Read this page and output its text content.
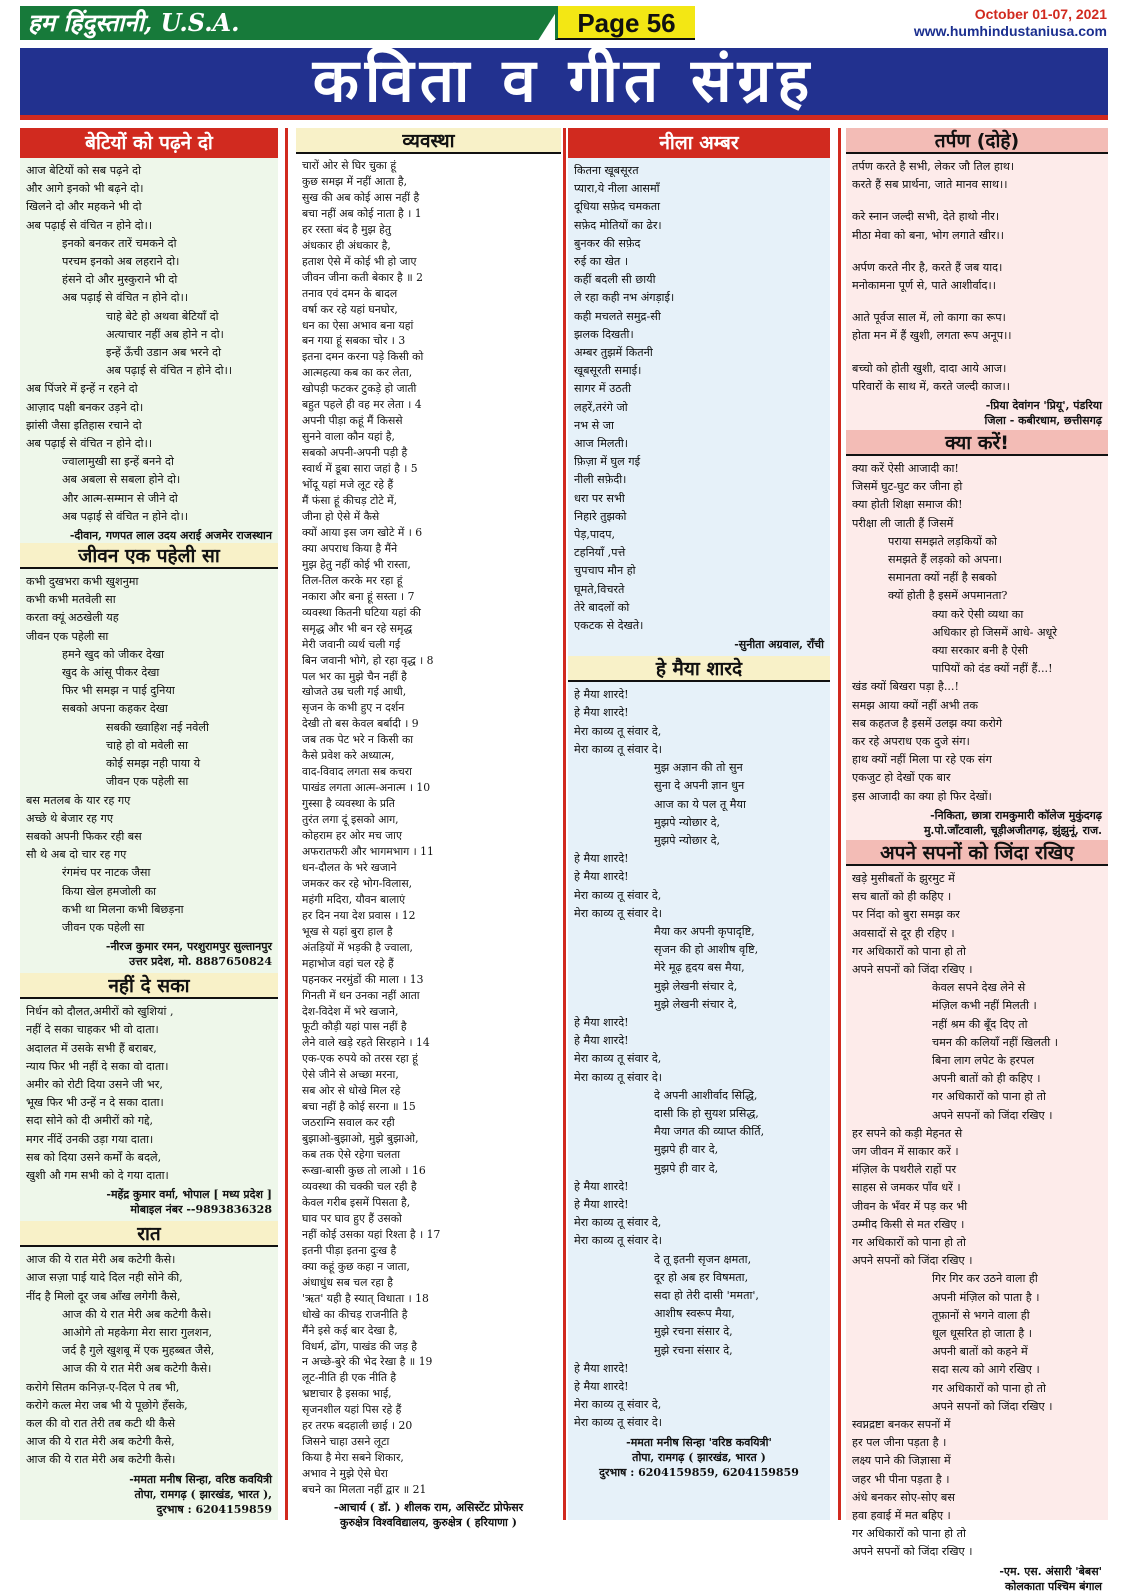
हम हिंदुस्तानी, U.S.A.	Page 56	October 01-07, 2021
www.humhindustaniusa.com
कविता व गीत संग्रह
बेटियों को पढ़ने दो
आज बेटियों को सब पढ़ने दो
और आगे इनको भी बढ़ने दो।
खिलने दो और महकने भी दो
अब पढ़ाई से वंचित न होने दो।।
इनको बनकर तारें चमकने दो
परचम इनको अब लहराने दो।
हंसने दो और मुस्कुराने भी दो
अब पढ़ाई से वंचित न होने दो।।
चाहे बेटे हो अथवा बेटियाँ दो
अत्याचार नहीं अब होने न दो।
इन्हें ऊँची उडान अब भरने दो
अब पढ़ाई से वंचित न होने दो।।
अब पिंजरे में इन्हें न रहने दो
आज़ाद पक्षी बनकर उड़ने दो।
झांसी जैसा इतिहास रचाने दो
अब पढ़ाई से वंचित न होने दो।।
ज्वालामुखी सा इन्हें बनने दो
अब अबला से सबला होने दो।
और आत्म-सम्मान से जीने दो
अब पढ़ाई से वंचित न होने दो।।
-दीवान, गणपत लाल उदय अराई अजमेर राजस्थान
जीवन एक पहेली सा
कभी दुखभरा कभी खुशनुमा
कभी कभी मतवेली सा
करता क्यूं अठखेली यह
जीवन एक पहेली सा
हमने खुद को जीकर देखा
खुद के आंसू पीकर देखा
फिर भी समझ न पाई दुनिया
सबको अपना कहकर देखा
सबकी ख्वाहिश नई नवेली
चाहे हो वो मवेली सा
कोई समझ नही पाया ये
जीवन एक पहेली सा
बस मतलब के यार रह गए
अच्छे थे बेजार रह गए
सबको अपनी फिकर रही बस
सौ थे अब दो चार रह गए
रंगमंच पर नाटक जैसा
किया खेल हमजोली का
कभी था मिलना कभी बिछड़ना
जीवन एक पहेली सा
-नीरज कुमार रमन, परशुरामपुर सुल्तानपुर
उत्तर प्रदेश, मो. 8887650824
नहीं दे सका
निर्धन को दौलत,अमीरों को खुशियां ,
नहीं दे सका चाहकर भी वो दाता।
अदालत में उसके सभी हैं बराबर,
न्याय फिर भी नहीं दे सका वो दाता।
अमीर को रोटी दिया उसने जी भर,
भूख फिर भी उन्हें न दे सका दाता।
सदा सोने को दी अमीरों को गद्दे,
मगर नींदें उनकी उड़ा गया दाता।
सब को दिया उसने कर्मों के बदले,
खुशी औ गम सभी को दे गया दाता।
-महेंद्र कुमार वर्मा, भोपाल [ मध्य प्रदेश ]
मोबाइल नंबर --9893836328
रात
आज की ये रात मेरी अब कटेगी कैसे।
आज सज़ा पाई यादे दिल नही सोने की,
नींद है मिलो दूर जब आँख लगेगी कैसे,
आज की ये रात मेरी अब कटेगी कैसे।
आओगे तो महकेगा मेरा सारा गुलशन,
जर्द है गुले खुशबू में एक मुहब्बत जैसे,
आज की ये रात मेरी अब कटेगी कैसे।
करोगे सितम कनिज़-ए-दिल पे तब भी,
करोगे कत्ल मेरा जब भी ये पूछोगे हँसके,
कल की वो रात तेरी तब कटी थी कैसे
आज की ये रात मेरी अब कटेगी कैसे,
आज की ये रात मेरी अब कटेगी कैसे।
-ममता मनीष सिन्हा, वरिष्ठ कवयित्री
तोपा, रामगढ़ ( झारखंड, भारत ),
दुरभाष : 6204159859
व्यवस्था
चारों ओर से घिर चुका हूं
कुछ समझ में नहीं आता है,
सुख की अब कोई आस नहीं है
बचा नहीं अब कोई नाता है । 1
हर रस्ता बंद है मुझ हेतु
अंधकार ही अंधकार है,
हताश ऐसे में कोई भी हो जाए
जीवन जीना कती बेकार है ॥ 2
तनाव एवं दमन के बादल
वर्षा कर रहे यहां घनघोर,
धन का ऐसा अभाव बना यहां
बन गया हूं सबका चोर । 3
इतना दमन करना पड़े किसी को
आत्महत्या कब का कर लेता,
खोपड़ी फटकर टुकड़े हो जाती
बहुत पहले ही वह मर लेता । 4
अपनी पीड़ा कहूं मैं किससे
सुनने वाला कौन यहां है,
सबको अपनी-अपनी पड़ी है
स्वार्थ में डूबा सारा जहां है । 5
भोंदू यहां मजे लूट रहे हैं
मैं फंसा हूं कीचड़ टोटे में,
जीना हो ऐसे में कैसे
क्यों आया इस जग खोटे में । 6
क्या अपराध किया है मैंने
मुझ हेतु नहीं कोई भी रास्ता,
तिल-तिल करके मर रहा हूं
नकारा और बना हूं सस्ता । 7
व्यवस्था कितनी घटिया यहां की
समृद्ध और भी बन रहे समृद्ध
मेरी जवानी व्यर्थ चली गई
बिन जवानी भोगे, हो रहा वृद्ध । 8
पल भर का मुझे चैन नहीं है
खोजते उम्र चली गई आधी,
सृजन के कभी हुए न दर्शन
देखी तो बस केवल बर्बादी । 9
जब तक पेट भरे न किसी का
कैसे प्रवेश करे अध्यात्म,
वाद-विवाद लगता सब कचरा
पाखंड लगता आत्म-अनात्म । 10
गुस्सा है व्यवस्था के प्रति
तुरंत लगा दूं इसको आग,
कोहराम हर ओर मच जाए
अफरातफरी और भागमभाग । 11
धन-दौलत के भरे खजाने
जमकर कर रहे भोग-विलास,
महंगी मदिरा, यौवन बालाएं
हर दिन नया देश प्रवास । 12
भूख से यहां बुरा हाल है
अंतड़ियों में भड़की है ज्वाला,
महाभोज वहां चल रहे हैं
पहनकर नरमुंडों की माला । 13
गिनती में धन उनका नहीं आता
देश-विदेश में भरे खजाने,
फूटी कौड़ी यहां पास नहीं है
लेने वाले खड़े रहते सिरहाने । 14
एक-एक रुपये को तरस रहा हूं
ऐसे जीने से अच्छा मरना,
सब ओर से धोखे मिल रहे
बचा नहीं है कोई सरना ॥ 15
जठराग्नि सवाल कर रही
बुझाओ-बुझाओ, मुझे बुझाओ,
कब तक ऐसे रहेगा चलता
रूखा-बासी कुछ तो लाओ । 16
व्यवस्था की चक्की चल रही है
केवल गरीब इसमें पिसता है,
घाव पर घाव हुए हैं उसको
नहीं कोई उसका यहां रिश्ता है । 17
इतनी पीड़ा इतना दुःख है
क्या कहूं कुछ कहा न जाता,
अंधाधुंध सब चल रहा है
'ऋत' यही है स्यात् विधाता । 18
धोखे का कीचड़ राजनीति है
मैंने इसे कई बार देखा है,
विधर्म, ढोंग, पाखंड की जड़ है
न अच्छे-बुरे की भेद रेखा है ॥ 19
लूट-नीति ही एक नीति है
भ्रष्टाचार है इसका भाई,
सृजनशील यहां पिस रहे हैं
हर तरफ बदहाली छाई । 20
जिसने चाहा उसने लूटा
किया है मेरा सबने शिकार,
अभाव ने मुझे ऐसे घेरा
बचने का मिलता नहीं द्वार ॥ 21
-आचार्य ( डॉ. ) शीलक राम, असिस्टेंट प्रोफेसर
कुरुक्षेत्र विश्वविद्यालय, कुरुक्षेत्र ( हरियाणा )
नीला अम्बर
कितना खूबसूरत
प्यारा,ये नीला आसमाँ
दूधिया सफ़ेद चमकता
सफ़ेद मोतियों का ढेर।
बुनकर की सफ़ेद
रुई का खेत ।
कहीं बदली सी छायी
ले रहा कही नभ अंगड़ाई।
कही मचलते समुद्र-सी
झलक दिखती।
अम्बर तुझमें कितनी
खूबसूरती समाई।
सागर में उठती
लहरें,तरंगे जो
नभ से जा
आज मिलती।
फ़िज़ा में घुल गई
नीली सफ़ेदी।
धरा पर सभी
निहारे तुझको
पेड़,पादप,
टहनियाँ ,पत्ते
चुपचाप मौन हो
घूमते,विचरते
तेरे बादलों को
एकटक से देखते।
-सुनीता अग्रवाल, राँची
हे मैया शारदे
हे मैया शारदे!
हे मैया शारदे!
मेरा काव्य तू संवार दे,
मेरा काव्य तू संवार दे।
मुझ अज्ञान की तो सुन
सुना दे अपनी ज्ञान धुन
आज का ये पल तू मैया
मुझपे न्योछार दे,
मुझपे न्योछार दे,
हे मैया शारदे!
हे मैया शारदे!
मेरा काव्य तू संवार दे,
मेरा काव्य तू संवार दे।
मैया कर अपनी कृपादृष्टि,
सृजन की हो आशीष वृष्टि,
मेरे मूढ़ हृदय बस मैया,
मुझे लेखनी संचार दे,
मुझे लेखनी संचार दे,
हे मैया शारदे!
हे मैया शारदे!
मेरा काव्य तू संवार दे,
मेरा काव्य तू संवार दे।
दे अपनी आशीर्वाद सिद्धि,
दासी कि हो सुयश प्रसिद्ध,
मैया जगत की व्याप्त कीर्ति,
मुझपे ही वार दे,
मुझपे ही वार दे,
हे मैया शारदे!
हे मैया शारदे!
मेरा काव्य तू संवार दे,
मेरा काव्य तू संवार दे।
दे तू इतनी सृजन क्षमता,
दूर हो अब हर विषमता,
सदा हो तेरी दासी 'ममता',
आशीष स्वरूप मैया,
मुझे रचना संसार दे,
मुझे रचना संसार दे,
हे मैया शारदे!
हे मैया शारदे!
मेरा काव्य तू संवार दे,
मेरा काव्य तू संवार दे।
-ममता मनीष सिन्हा 'वरिष्ठ कवयित्री'
तोपा, रामगढ़ ( झारखंड, भारत )
दुरभाष : 6204159859, 6204159859
तर्पण (दोहे)
तर्पण करते है सभी, लेकर जौ तिल हाथ।
करते हैं सब प्रार्थना, जाते मानव साथ।।
करे स्नान जल्दी सभी, देते हाथो नीर।
मीठा मेवा को बना, भोग लगाते खीर।।
अर्पण करते नीर है, करते हैं जब याद।
मनोकामना पूर्ण से, पाते आशीर्वाद।।
आते पूर्वज साल में, लो कागा का रूप।
होता मन में हैं खुशी, लगता रूप अनूप।।
बच्चो को होती खुशी, दादा आये आज।
परिवारों के साथ में, करते जल्दी काज।।
-प्रिया देवांगन 'प्रियू', पंडरिया
जिला - कबीरधाम, छत्तीसगढ़
क्या करें!
क्या करें ऐसी आजादी का!
जिसमें घुट-घुट कर जीना हो
क्या होती शिक्षा समाज की!
परीक्षा ली जाती हैं जिसमें
पराया समझते लड़कियों को
समझते हैं लड़को को अपना।
समानता क्यों नहीं है सबको
क्यों होती है इसमें अपमानता?
क्या करे ऐसी व्यथा का
अधिकार हो जिसमें आधे- अधूरे
क्या सरकार बनी है ऐसी
पापियों को दंड क्यों नहीं हैं...!
खंड क्यों बिखरा पड़ा है...!
समझ आया क्यों नहीं अभी तक
सब कहतज है इसमें उलझ क्या करोगे
कर रहे अपराध एक दुजे संग।
हाथ क्यों नहीं मिला पा रहे एक संग
एकजुट हो देखों एक बार
इस आजादी का क्या हो फिर देखों।
-निकिता, छात्रा रामकुमारी कॉलेज मुकुंदगढ़
मु.पो.जाँटवाली, चूड़ीअजीतगढ़, झुंझुनूं, राज.
अपने सपनों को जिंदा रखिए
खड़े मुसीबतों के झुरमुट में
सच बातों को ही कहिए ।
पर निंदा को बुरा समझ कर
अवसादों से दूर ही रहिए ।
गर अधिकारों को पाना हो तो
अपने सपनों को जिंदा रखिए ।
केवल सपने देख लेने से
मंज़िल कभी नहीं मिलती ।
नहीं श्रम की बूँद दिए तो
चमन की कलियाँ नहीं खिलती ।
बिना लाग लपेट के हरपल
अपनी बातों को ही कहिए ।
गर अधिकारों को पाना हो तो
अपने सपनों को जिंदा रखिए ।
हर सपने को कड़ी मेहनत से
जग जीवन में साकार करें ।
मंज़िल के पथरीले राहों पर
साहस से जमकर पाँव धरें ।
जीवन के भँवर में पड़ कर भी
उम्मीद किसी से मत रखिए ।
गर अधिकारों को पाना हो तो
अपने सपनों को जिंदा रखिए ।
गिर गिर कर उठने वाला ही
अपनी मंज़िल को पाता है ।
तूफ़ानों से भगने वाला ही
धूल धूसरित हो जाता है ।
अपनी बातों को कहने में
सदा सत्य को आगे रखिए ।
गर अधिकारों को पाना हो तो
अपने सपनों को जिंदा रखिए ।
स्वप्नद्रष्टा बनकर सपनों में
हर पल जीना पड़ता है ।
लक्ष्य पाने की जिज्ञासा में
जहर भी पीना पड़ता है ।
अंधे बनकर सोए-सोए बस
हवा हवाई में मत बहिए ।
गर अधिकारों को पाना हो तो
अपने सपनों को जिंदा रखिए ।
-एम. एस. अंसारी 'बेबस'
कोलकाता पश्चिम बंगाल
